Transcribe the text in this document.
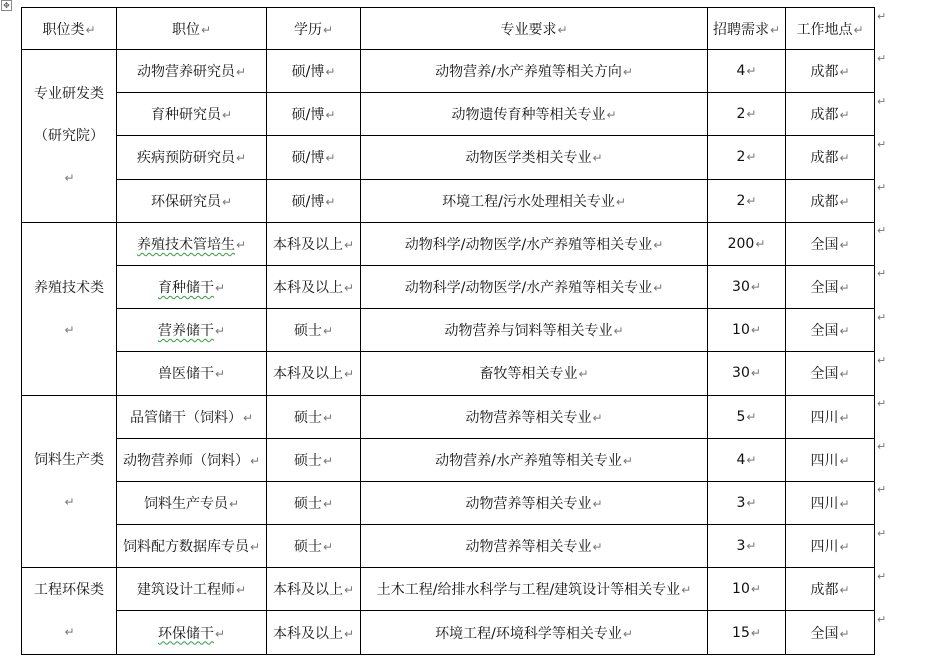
✥
职位类↵	职位↵	学历↵	专业要求↵	招聘需求↵	工作地点↵

专业研发类
（研究院）
↵	动物营养研究员↵	硕/博↵	动物营养/水产养殖等相关方向↵	4↵	成都↵
	育种研究员↵	硕/博↵	动物遗传育种等相关专业↵	2↵	成都↵
	疾病预防研究员↵	硕/博↵	动物医学类相关专业↵	2↵	成都↵
	环保研究员↵	硕/博↵	环境工程/污水处理相关专业↵	2↵	成都↵

养殖技术类
↵	养殖技术管培生↵	本科及以上↵	动物科学/动物医学/水产养殖等相关专业↵	200↵	全国↵
	育种储干↵	本科及以上↵	动物科学/动物医学/水产养殖等相关专业↵	30↵	全国↵
	营养储干↵	硕士↵	动物营养与饲料等相关专业↵	10↵	全国↵
	兽医储干↵	本科及以上↵	畜牧等相关专业↵	30↵	全国↵

饲料生产类
↵	品管储干（饲料）↵	硕士↵	动物营养等相关专业↵	5↵	四川↵
	动物营养师（饲料）↵	硕士↵	动物营养/水产养殖等相关专业↵	4↵	四川↵
	饲料生产专员↵	硕士↵	动物营养等相关专业↵	3↵	四川↵
	饲料配方数据库专员↵	硕士↵	动物营养等相关专业↵	3↵	四川↵

工程环保类
↵	建筑设计工程师↵	本科及以上↵	土木工程/给排水科学与工程/建筑设计等相关专业↵	10↵	成都↵
	环保储干↵	本科及以上↵	环境工程/环境科学等相关专业↵	15↵	全国↵
↵
↵
↵
↵
↵
↵
↵
↵
↵
↵
↵
↵
↵
↵
↵
